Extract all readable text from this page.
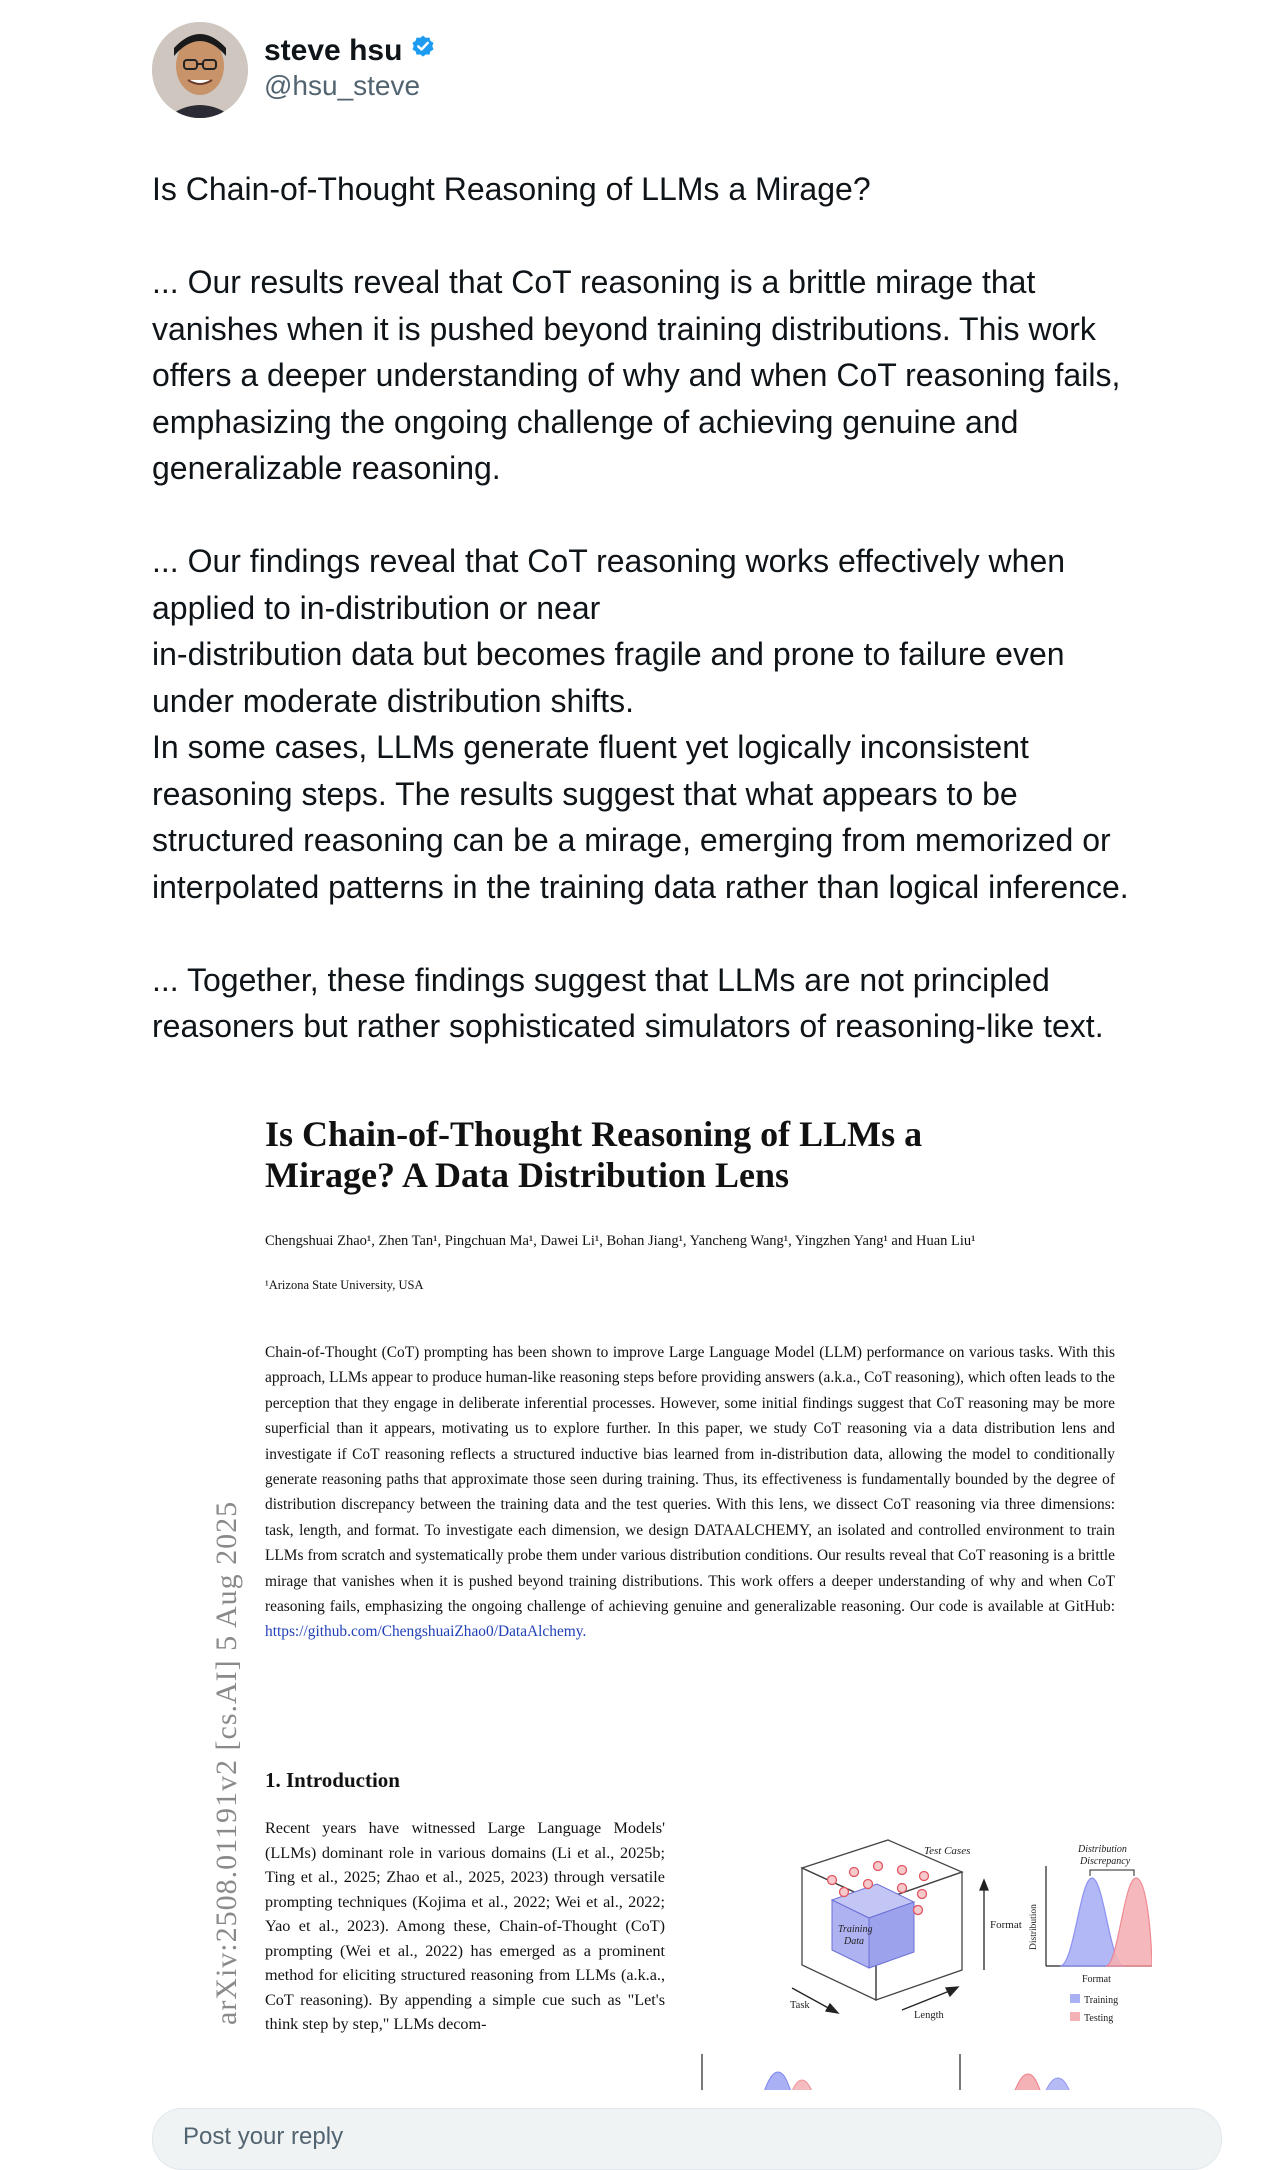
steve hsu
@hsu_steve

Is Chain-of-Thought Reasoning of LLMs a Mirage?

... Our results reveal that CoT reasoning is a brittle mirage that
vanishes when it is pushed beyond training distributions. This work
offers a deeper understanding of why and when CoT reasoning fails,
emphasizing the ongoing challenge of achieving genuine and
generalizable reasoning.

... Our findings reveal that CoT reasoning works effectively when
applied to in-distribution or near
in-distribution data but becomes fragile and prone to failure even
under moderate distribution shifts.
In some cases, LLMs generate fluent yet logically inconsistent
reasoning steps. The results suggest that what appears to be
structured reasoning can be a mirage, emerging from memorized or
interpolated patterns in the training data rather than logical inference.

... Together, these findings suggest that LLMs are not principled
reasoners but rather sophisticated simulators of reasoning-like text.

Is Chain-of-Thought Reasoning of LLMs a Mirage? A Data Distribution Lens
Chengshuai Zhao¹, Zhen Tan¹, Pingchuan Ma¹, Dawei Li¹, Bohan Jiang¹, Yancheng Wang¹, Yingzhen Yang¹ and Huan Liu¹
¹Arizona State University, USA
Chain-of-Thought (CoT) prompting has been shown to improve Large Language Model (LLM) performance on various tasks. With this approach, LLMs appear to produce human-like reasoning steps before providing answers (a.k.a., CoT reasoning), which often leads to the perception that they engage in deliberate inferential processes. However, some initial findings suggest that CoT reasoning may be more superficial than it appears, motivating us to explore further. In this paper, we study CoT reasoning via a data distribution lens and investigate if CoT reasoning reflects a structured inductive bias learned from in-distribution data, allowing the model to conditionally generate reasoning paths that approximate those seen during training. Thus, its effectiveness is fundamentally bounded by the degree of distribution discrepancy between the training data and the test queries. With this lens, we dissect CoT reasoning via three dimensions: task, length, and format. To investigate each dimension, we design DATAALCHEMY, an isolated and controlled environment to train LLMs from scratch and systematically probe them under various distribution conditions. Our results reveal that CoT reasoning is a brittle mirage that vanishes when it is pushed beyond training distributions. This work offers a deeper understanding of why and when CoT reasoning fails, emphasizing the ongoing challenge of achieving genuine and generalizable reasoning. Our code is available at GitHub: https://github.com/ChengshuaiZhao0/DataAlchemy.
1. Introduction
Recent years have witnessed Large Language Models' (LLMs) dominant role in various domains (Li et al., 2025b; Ting et al., 2025; Zhao et al., 2025, 2023) through versatile prompting techniques (Kojima et al., 2022; Wei et al., 2022; Yao et al., 2023). Among these, Chain-of-Thought (CoT) prompting (Wei et al., 2022) has emerged as a prominent method for eliciting structured reasoning from LLMs (a.k.a., CoT reasoning). By appending a simple cue such as "Let's think step by step," LLMs decom-
arXiv:2508.01191v2 [cs.AI] 5 Aug 2025	Test Cases
Training
Data
Format
Task
Length
Distribution
Discrepancy
Distribution
Format
Training
Testing
Post your reply
